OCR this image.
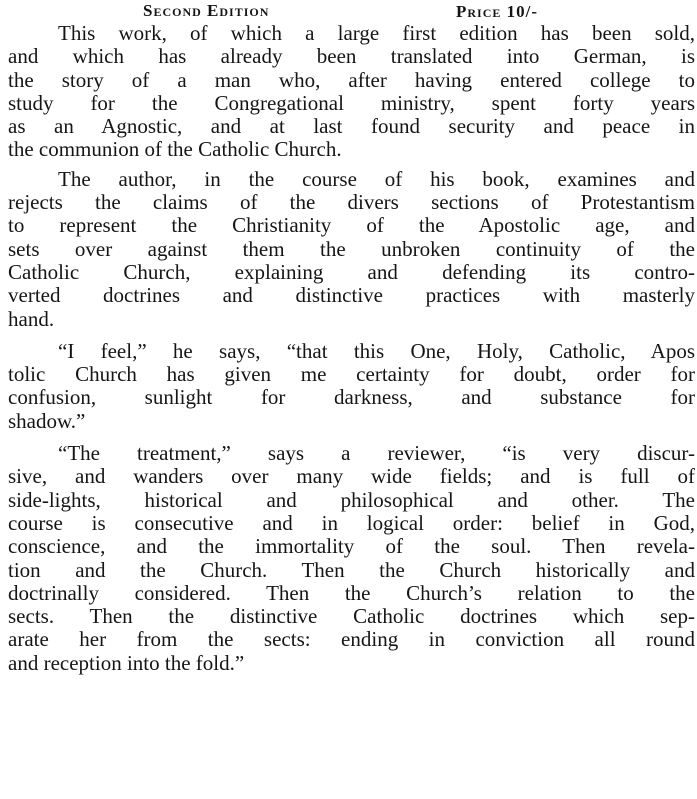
Second Edition	Price 10/-

This work, of which a large first edition has been sold,
and which has already been translated into German, is
the story of a man who, after having entered college to
study for the Congregational ministry, spent forty years
as an Agnostic, and at last found security and peace in
the communion of the Catholic Church.

The author, in the course of his book, examines and
rejects the claims of the divers sections of Protestantism
to represent the Christianity of the Apostolic age, and
sets over against them the unbroken continuity of the
Catholic Church, explaining and defending its contro-
verted doctrines and distinctive practices with masterly
hand.

“I feel,” he says, “that this One, Holy, Catholic, Apos
tolic Church has given me certainty for doubt, order for
confusion, sunlight for darkness, and substance for
shadow.”

“The treatment,” says a reviewer, “is very discur-
sive, and wanders over many wide fields; and is full of
side-lights, historical and philosophical and other. The
course is consecutive and in logical order: belief in God,
conscience, and the immortality of the soul. Then revela-
tion and the Church. Then the Church historically and
doctrinally considered. Then the Church’s relation to the
sects. Then the distinctive Catholic doctrines which sep-
arate her from the sects: ending in conviction all round
and reception into the fold.”
